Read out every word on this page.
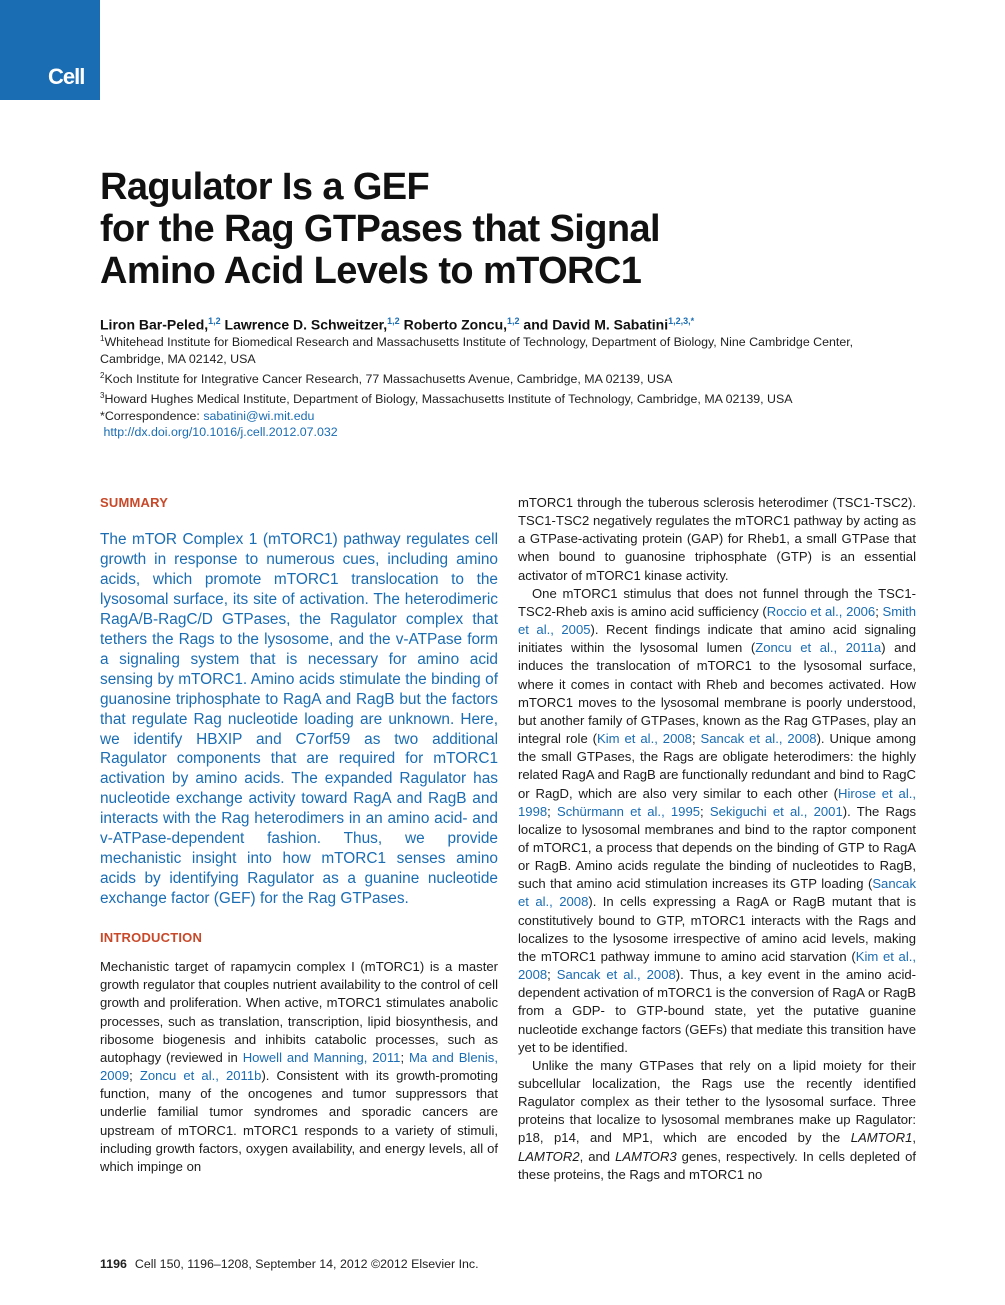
Cell
Ragulator Is a GEF
for the Rag GTPases that Signal
Amino Acid Levels to mTORC1
Liron Bar-Peled,$^{1,2}$ Lawrence D. Schweitzer,$^{1,2}$ Roberto Zoncu,$^{1,2}$ and David M. Sabatini$^{1,2,3,*}$

$^1$Whitehead Institute for Biomedical Research and Massachusetts Institute of Technology, Department of Biology, Nine Cambridge Center, Cambridge, MA 02142, USA

$^2$Koch Institute for Integrative Cancer Research, 77 Massachusetts Avenue, Cambridge, MA 02139, USA

$^3$Howard Hughes Medical Institute, Department of Biology, Massachusetts Institute of Technology, Cambridge, MA 02139, USA

*Correspondence: sabatini@wi.mit.edu

http://dx.doi.org/10.1016/j.cell.2012.07.032

SUMMARY

The mTOR Complex 1 (mTORC1) pathway regulates cell growth in response to numerous cues, including amino acids, which promote mTORC1 translocation to the lysosomal surface, its site of activation. The heterodimeric RagA/B-RagC/D GTPases, the Ragulator complex that tethers the Rags to the lysosome, and the v-ATPase form a signaling system that is necessary for amino acid sensing by mTORC1. Amino acids stimulate the binding of guanosine triphosphate to RagA and RagB but the factors that regulate Rag nucleotide loading are unknown. Here, we identify HBXIP and C7orf59 as two additional Ragulator components that are required for mTORC1 activation by amino acids. The expanded Ragulator has nucleotide exchange activity toward RagA and RagB and interacts with the Rag heterodimers in an amino acid- and v-ATPase-dependent fashion. Thus, we provide mechanistic insight into how mTORC1 senses amino acids by identifying Ragulator as a guanine nucleotide exchange factor (GEF) for the Rag GTPases.

INTRODUCTION

Mechanistic target of rapamycin complex I (mTORC1) is a master growth regulator that couples nutrient availability to the control of cell growth and proliferation. When active, mTORC1 stimulates anabolic processes, such as translation, transcription, lipid biosynthesis, and ribosome biogenesis and inhibits catabolic processes, such as autophagy (reviewed in Howell and Manning, 2011; Ma and Blenis, 2009; Zoncu et al., 2011b). Consistent with its growth-promoting function, many of the oncogenes and tumor suppressors that underlie familial tumor syndromes and sporadic cancers are upstream of mTORC1. mTORC1 responds to a variety of stimuli, including growth factors, oxygen availability, and energy levels, all of which impinge on

mTORC1 through the tuberous sclerosis heterodimer (TSC1-TSC2). TSC1-TSC2 negatively regulates the mTORC1 pathway by acting as a GTPase-activating protein (GAP) for Rheb1, a small GTPase that when bound to guanosine triphosphate (GTP) is an essential activator of mTORC1 kinase activity.

One mTORC1 stimulus that does not funnel through the TSC1-TSC2-Rheb axis is amino acid sufficiency (Roccio et al., 2006; Smith et al., 2005). Recent findings indicate that amino acid signaling initiates within the lysosomal lumen (Zoncu et al., 2011a) and induces the translocation of mTORC1 to the lysosomal surface, where it comes in contact with Rheb and becomes activated. How mTORC1 moves to the lysosomal membrane is poorly understood, but another family of GTPases, known as the Rag GTPases, play an integral role (Kim et al., 2008; Sancak et al., 2008). Unique among the small GTPases, the Rags are obligate heterodimers: the highly related RagA and RagB are functionally redundant and bind to RagC or RagD, which are also very similar to each other (Hirose et al., 1998; Schürmann et al., 1995; Sekiguchi et al., 2001). The Rags localize to lysosomal membranes and bind to the raptor component of mTORC1, a process that depends on the binding of GTP to RagA or RagB. Amino acids regulate the binding of nucleotides to RagB, such that amino acid stimulation increases its GTP loading (Sancak et al., 2008). In cells expressing a RagA or RagB mutant that is constitutively bound to GTP, mTORC1 interacts with the Rags and localizes to the lysosome irrespective of amino acid levels, making the mTORC1 pathway immune to amino acid starvation (Kim et al., 2008; Sancak et al., 2008). Thus, a key event in the amino acid-dependent activation of mTORC1 is the conversion of RagA or RagB from a GDP- to GTP-bound state, yet the putative guanine nucleotide exchange factors (GEFs) that mediate this transition have yet to be identified.

Unlike the many GTPases that rely on a lipid moiety for their subcellular localization, the Rags use the recently identified Ragulator complex as their tether to the lysosomal surface. Three proteins that localize to lysosomal membranes make up Ragulator: p18, p14, and MP1, which are encoded by the LAMTOR1, LAMTOR2, and LAMTOR3 genes, respectively. In cells depleted of these proteins, the Rags and mTORC1 no

1196 Cell 150, 1196–1208, September 14, 2012 ©2012 Elsevier Inc.
